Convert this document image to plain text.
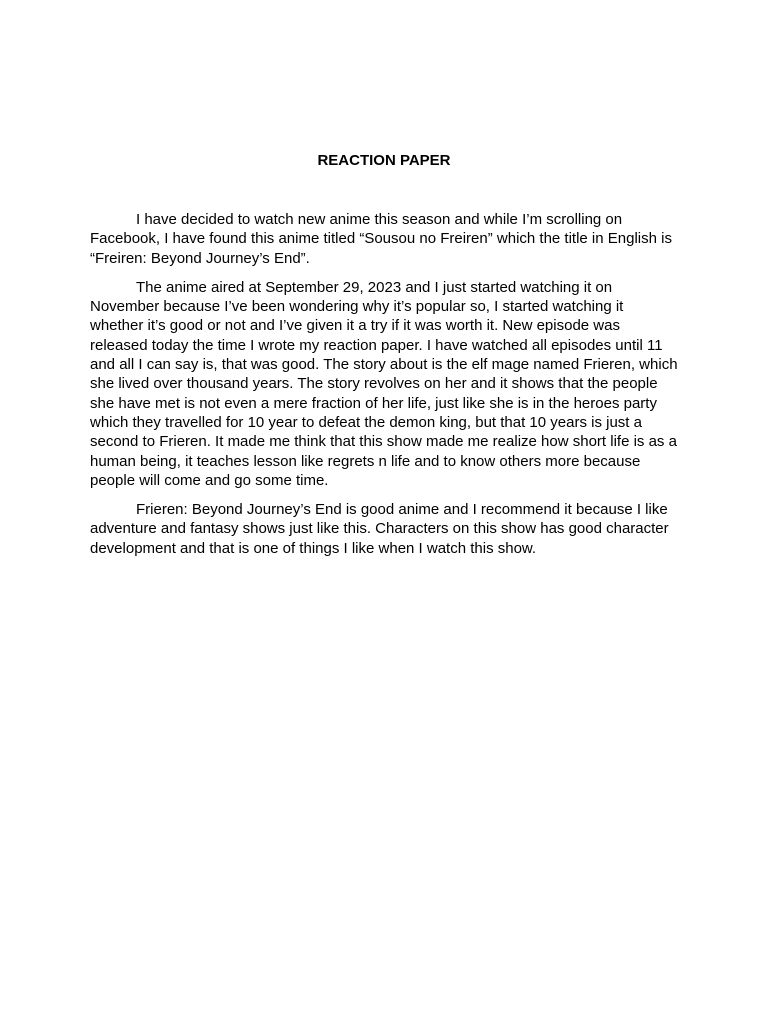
REACTION PAPER

I have decided to watch new anime this season and while I’m scrolling on Facebook, I have found this anime titled “Sousou no Freiren” which the title in English is “Freiren: Beyond Journey’s End”.

The anime aired at September 29, 2023 and I just started watching it on November because I’ve been wondering why it’s popular so, I started watching it whether it’s good or not and I’ve given it a try if it was worth it. New episode was released today the time I wrote my reaction paper. I have watched all episodes until 11 and all I can say is, that was good. The story about is the elf mage named Frieren, which she lived over thousand years. The story revolves on her and it shows that the people she have met is not even a mere fraction of her life, just like she is in the heroes party which they travelled for 10 year to defeat the demon king, but that 10 years is just a second to Frieren. It made me think that this show made me realize how short life is as a human being, it teaches lesson like regrets n life and to know others more because people will come and go some time.

Frieren: Beyond Journey’s End is good anime and I recommend it because I like adventure and fantasy shows just like this. Characters on this show has good character development and that is one of things I like when I watch this show.
